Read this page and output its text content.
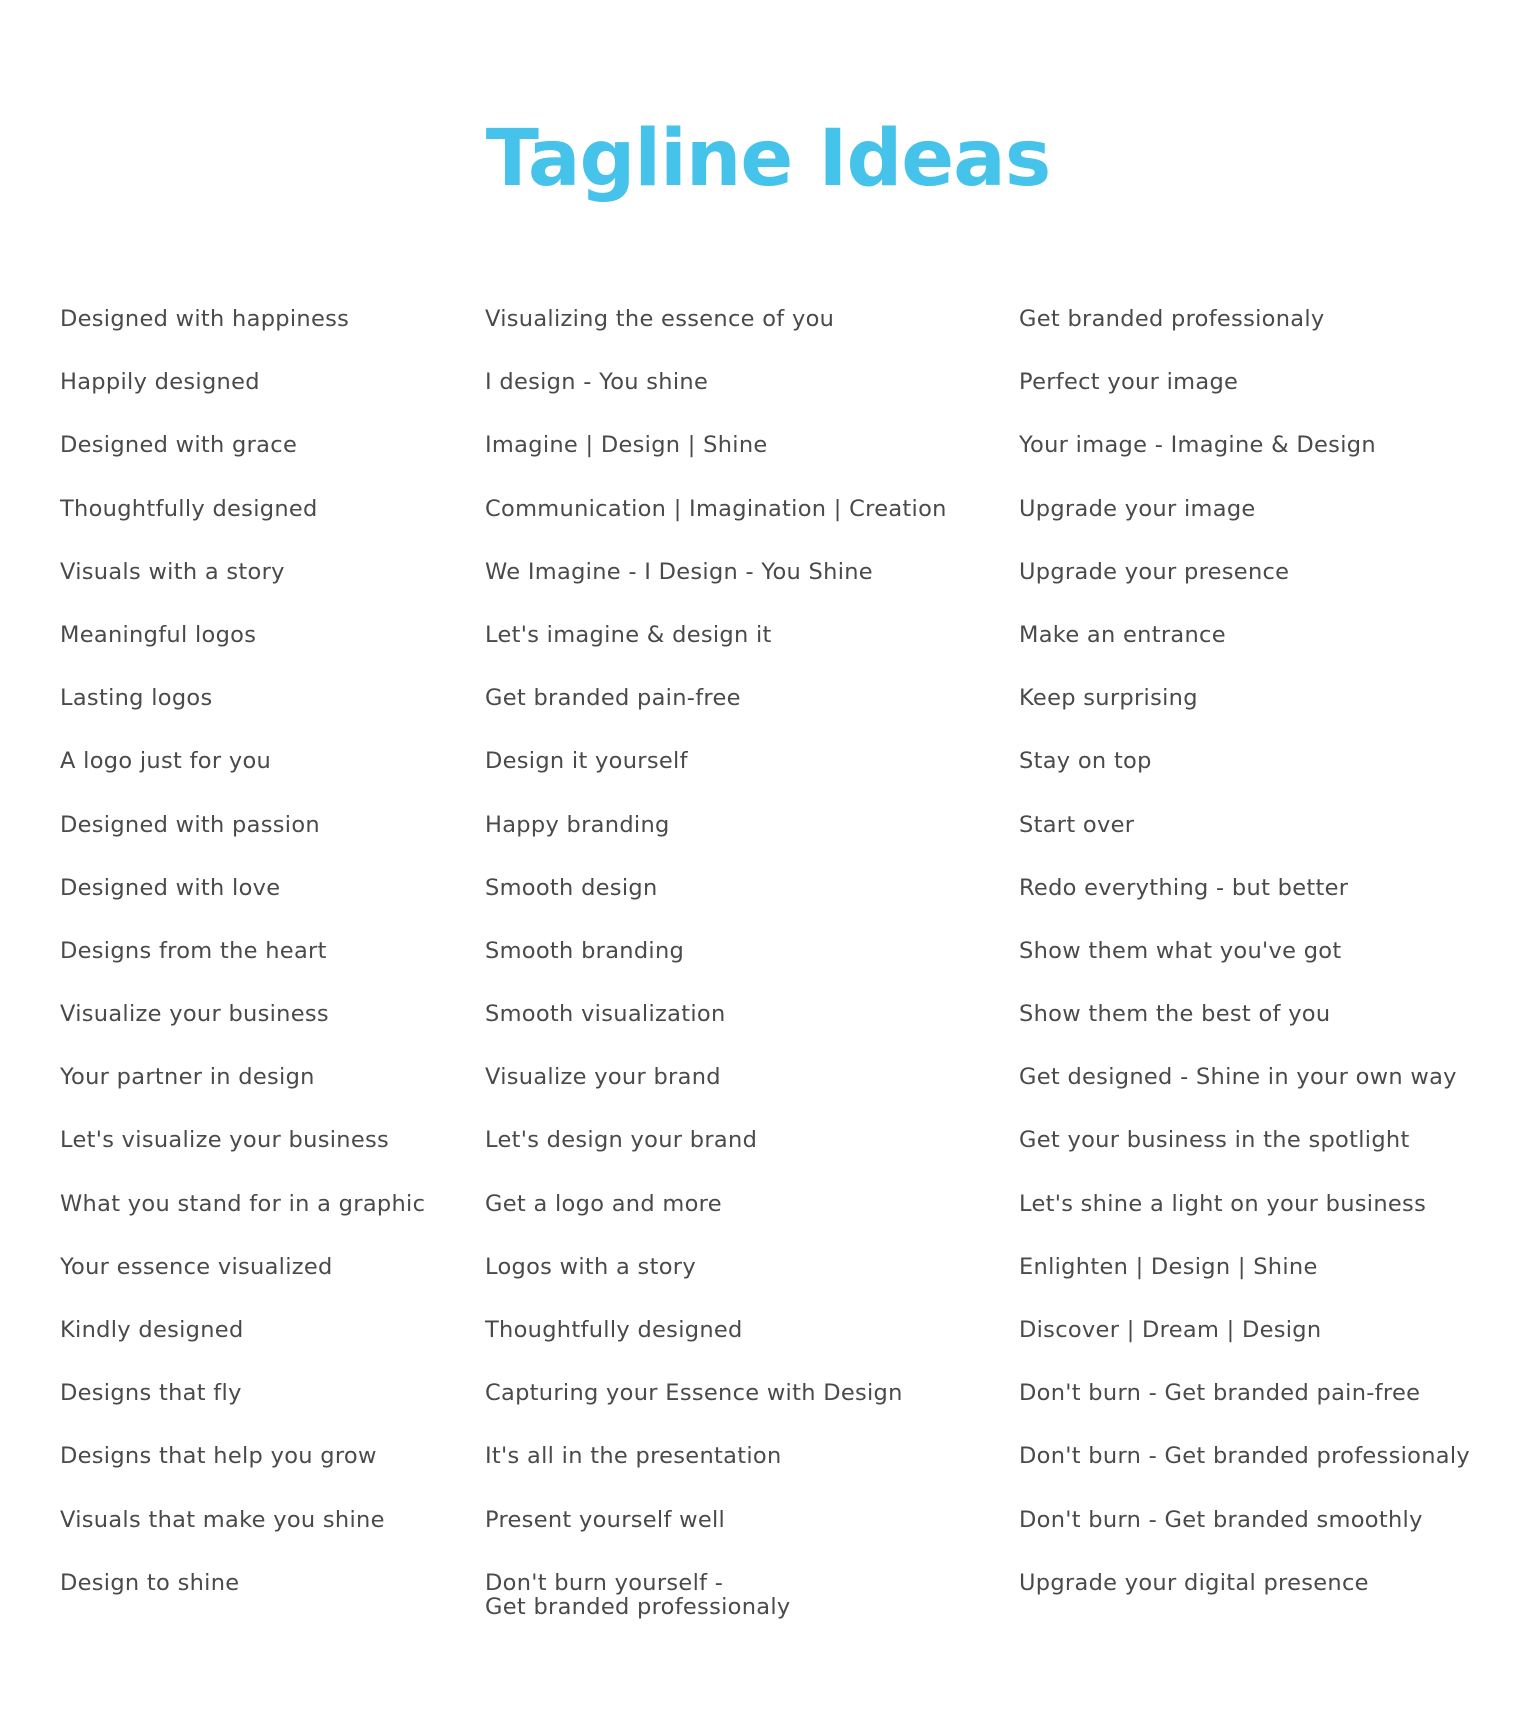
Tagline Ideas
Designed with happiness
Happily designed
Designed with grace
Thoughtfully designed
Visuals with a story
Meaningful logos
Lasting logos
A logo just for you
Designed with passion
Designed with love
Designs from the heart
Visualize your business
Your partner in design
Let's visualize your business
What you stand for in a graphic
Your essence visualized
Kindly designed
Designs that fly
Designs that help you grow
Visuals that make you shine
Design to shine
Visualizing the essence of you
I design - You shine
Imagine | Design | Shine
Communication | Imagination | Creation
We Imagine - I Design - You Shine
Let's imagine & design it
Get branded pain-free
Design it yourself
Happy branding
Smooth design
Smooth branding
Smooth visualization
Visualize your brand
Let's design your brand
Get a logo and more
Logos with a story
Thoughtfully designed
Capturing your Essence with Design
It's all in the presentation
Present yourself well
Don't burn yourself -
Get branded professionaly
Get branded professionaly
Perfect your image
Your image - Imagine & Design
Upgrade your image
Upgrade your presence
Make an entrance
Keep surprising
Stay on top
Start over
Redo everything - but better
Show them what you've got
Show them the best of you
Get designed - Shine in your own way
Get your business in the spotlight
Let's shine a light on your business
Enlighten | Design | Shine
Discover | Dream | Design
Don't burn - Get branded pain-free
Don't burn - Get branded professionaly
Don't burn - Get branded smoothly
Upgrade your digital presence
